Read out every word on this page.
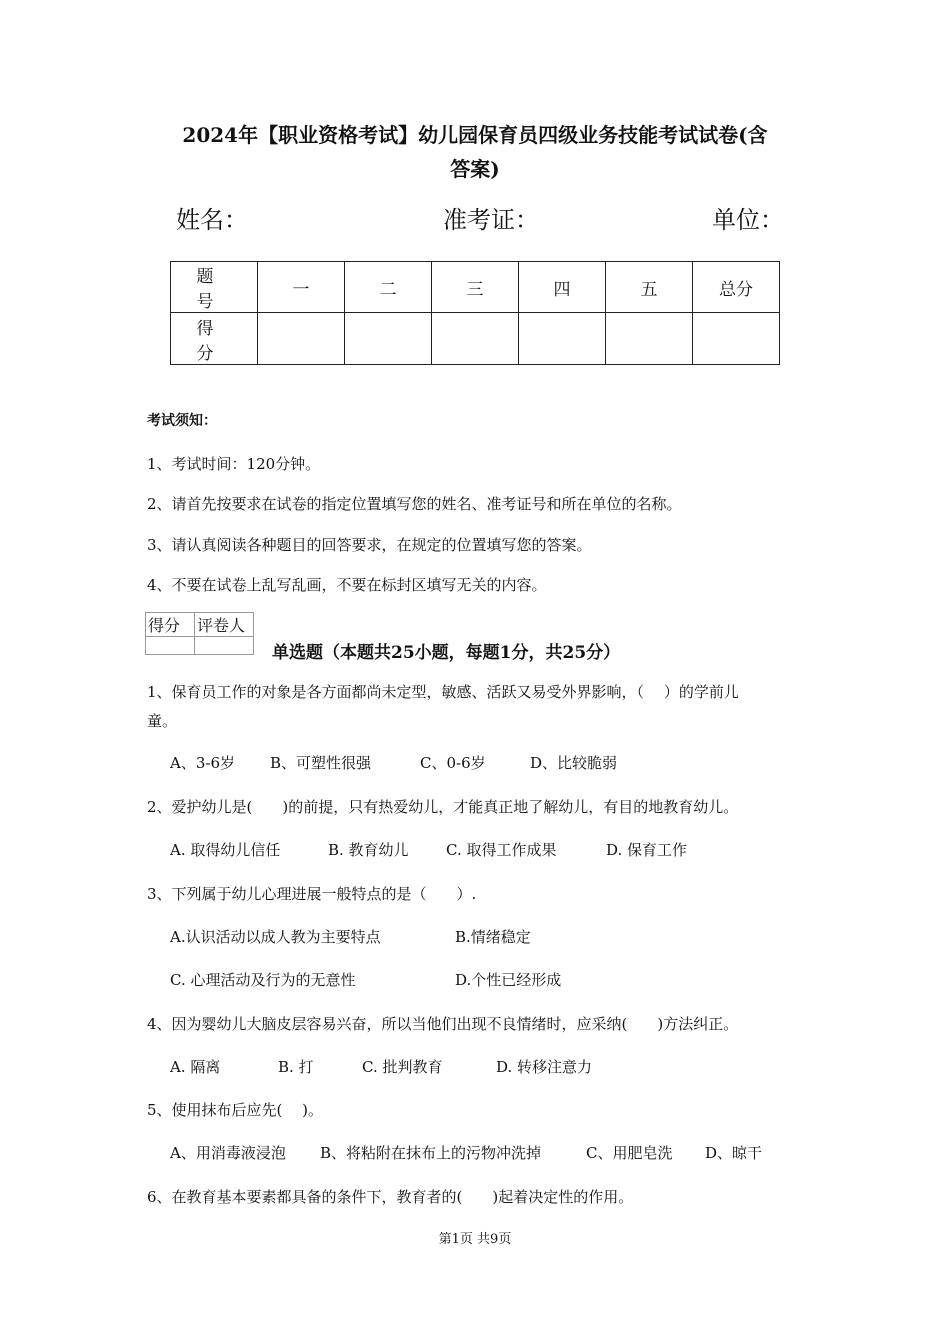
2024年【职业资格考试】幼儿园保育员四级业务技能考试试卷(含
答案)
姓名：	准考证：	单位：
题 号	一	二	三	四	五	总分
得 分						
考试须知：
1、考试时间：120分钟。
2、请首先按要求在试卷的指定位置填写您的姓名、准考证号和所在单位的名称。
3、请认真阅读各种题目的回答要求，在规定的位置填写您的答案。
4、不要在试卷上乱写乱画，不要在标封区填写无关的内容。
得分	评卷人

单选题（本题共25小题，每题1分，共25分）
1、保育员工作的对象是各方面都尚未定型，敏感、活跃又易受外界影响，（　 ）的学前儿
童。
A、3-6岁 B、可塑性很强	C、0-6岁	D、比较脆弱
2、爱护幼儿是(　　)的前提，只有热爱幼儿，才能真正地了解幼儿，有目的地教育幼儿。
A. 取得幼儿信任	B. 教育幼儿 C. 取得工作成果	D. 保育工作
3、下列属于幼儿心理进展一般特点的是（　　）.
A.认识活动以成人教为主要特点	B.情绪稳定
C. 心理活动及行为的无意性	D.个性已经形成
4、因为婴幼儿大脑皮层容易兴奋，所以当他们出现不良情绪时，应采纳(　　)方法纠正。
A. 隔离	B. 打	C. 批判教育	D. 转移注意力
5、使用抹布后应先(　 )。
A、用消毒液浸泡 B、将粘附在抹布上的污物冲洗掉	C、用肥皂洗 D、晾干
6、在教育基本要素都具备的条件下，教育者的(　　)起着决定性的作用。
第1页 共9页
